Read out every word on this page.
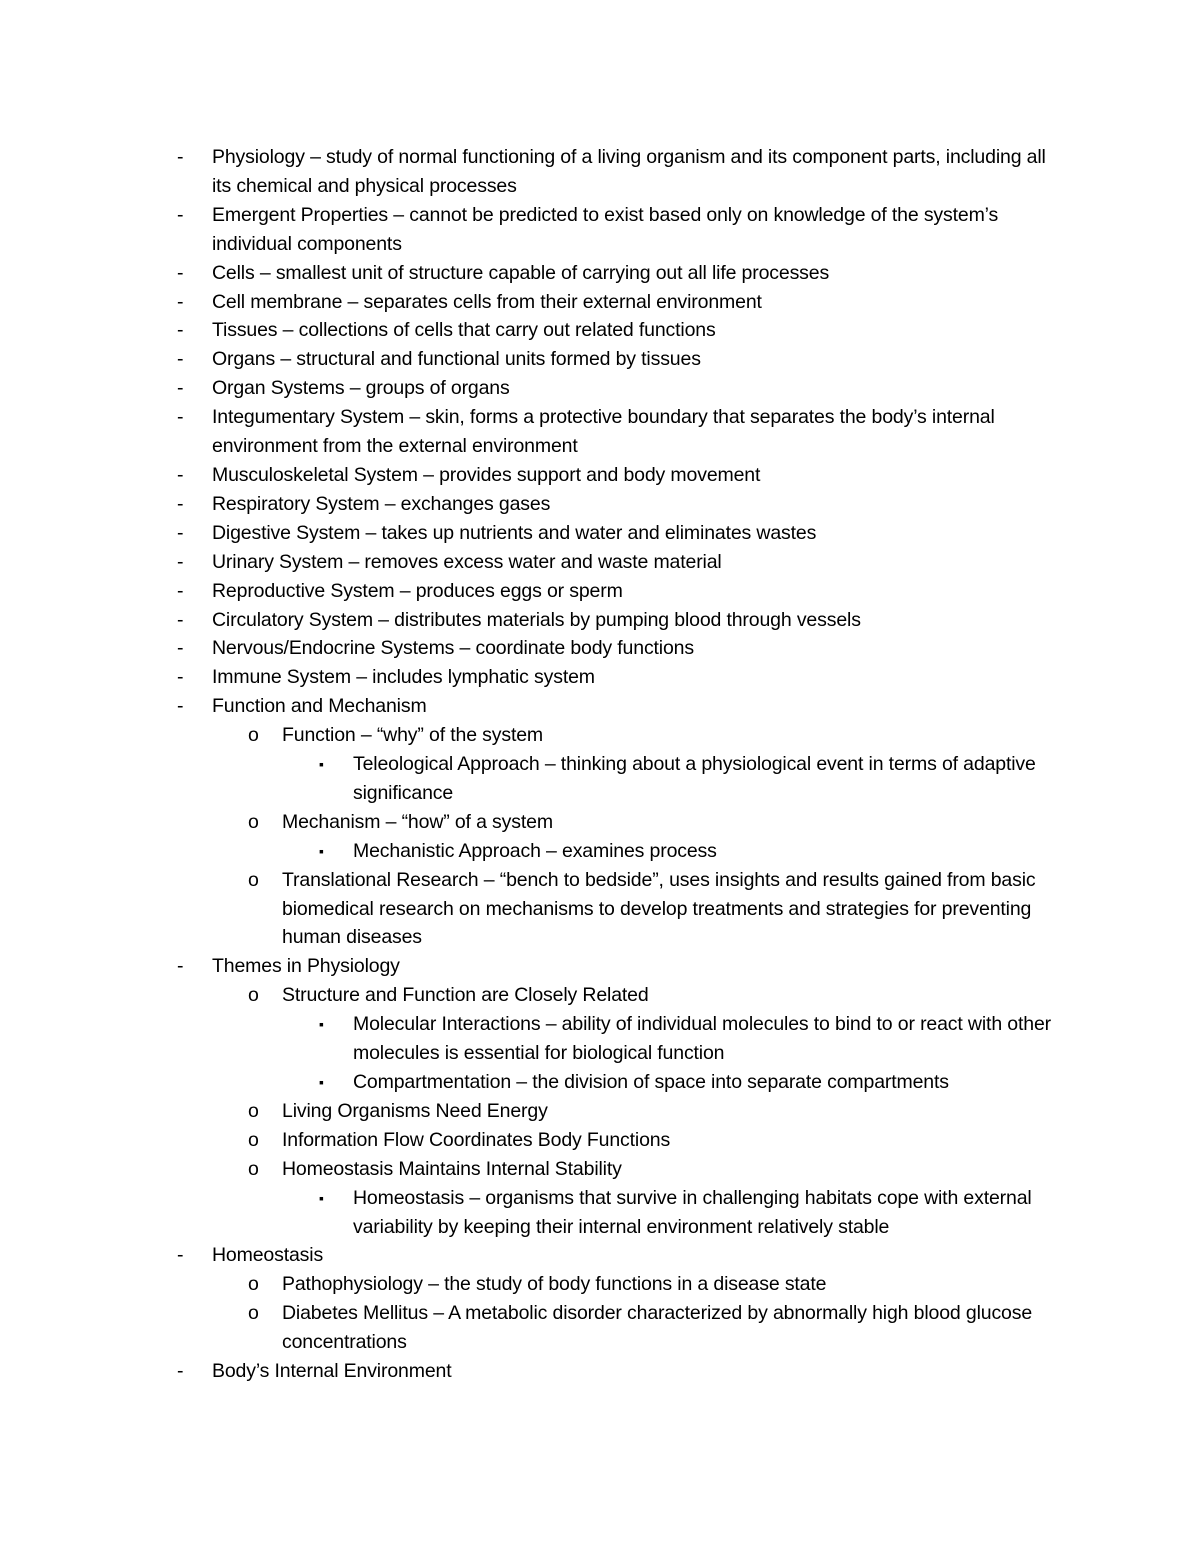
- Physiology – study of normal functioning of a living organism and its component parts, including all its chemical and physical processes
- Emergent Properties – cannot be predicted to exist based only on knowledge of the system’s individual components
- Cells – smallest unit of structure capable of carrying out all life processes
- Cell membrane – separates cells from their external environment
- Tissues – collections of cells that carry out related functions
- Organs – structural and functional units formed by tissues
- Organ Systems – groups of organs
- Integumentary System – skin, forms a protective boundary that separates the body’s internal environment from the external environment
- Musculoskeletal System – provides support and body movement
- Respiratory System – exchanges gases
- Digestive System – takes up nutrients and water and eliminates wastes
- Urinary System – removes excess water and waste material
- Reproductive System – produces eggs or sperm
- Circulatory System – distributes materials by pumping blood through vessels
- Nervous/Endocrine Systems – coordinate body functions
- Immune System – includes lymphatic system
- Function and Mechanism
o Function – “why” of the system
▪ Teleological Approach – thinking about a physiological event in terms of adaptive significance
o Mechanism – “how” of a system
▪ Mechanistic Approach – examines process
o Translational Research – “bench to bedside”, uses insights and results gained from basic biomedical research on mechanisms to develop treatments and strategies for preventing human diseases
- Themes in Physiology
o Structure and Function are Closely Related
▪ Molecular Interactions – ability of individual molecules to bind to or react with other molecules is essential for biological function
▪ Compartmentation – the division of space into separate compartments
o Living Organisms Need Energy
o Information Flow Coordinates Body Functions
o Homeostasis Maintains Internal Stability
▪ Homeostasis – organisms that survive in challenging habitats cope with external variability by keeping their internal environment relatively stable
- Homeostasis
o Pathophysiology – the study of body functions in a disease state
o Diabetes Mellitus – A metabolic disorder characterized by abnormally high blood glucose concentrations
- Body’s Internal Environment
